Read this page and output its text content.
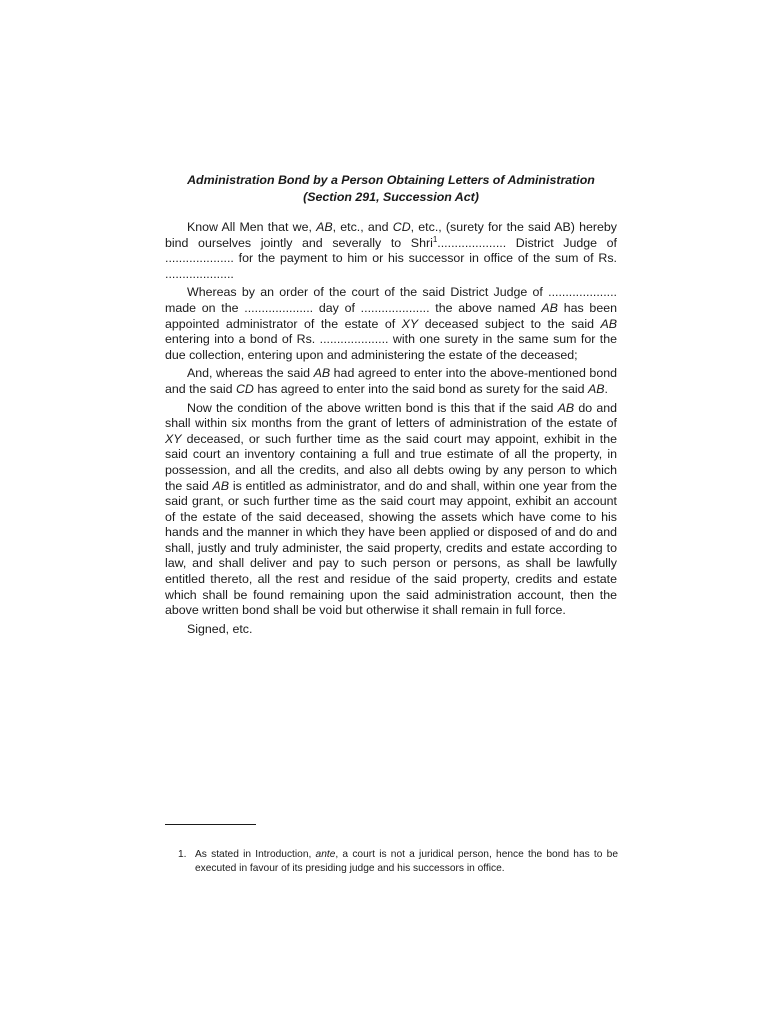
Administration Bond by a Person Obtaining Letters of Administration
(Section 291, Succession Act)

Know All Men that we, AB, etc., and CD, etc., (surety for the said AB) hereby bind ourselves jointly and severally to Shri$^1$.................... District Judge of .................... for the payment to him or his successor in office of the sum of Rs. ....................

Whereas by an order of the court of the said District Judge of .................... made on the .................... day of .................... the above named AB has been appointed administrator of the estate of XY deceased subject to the said AB entering into a bond of Rs. .................... with one surety in the same sum for the due collection, entering upon and administering the estate of the deceased;

And, whereas the said AB had agreed to enter into the above-mentioned bond and the said CD has agreed to enter into the said bond as surety for the said AB.

Now the condition of the above written bond is this that if the said AB do and shall within six months from the grant of letters of administration of the estate of XY deceased, or such further time as the said court may appoint, exhibit in the said court an inventory containing a full and true estimate of all the property, in possession, and all the credits, and also all debts owing by any person to which the said AB is entitled as administrator, and do and shall, within one year from the said grant, or such further time as the said court may appoint, exhibit an account of the estate of the said deceased, showing the assets which have come to his hands and the manner in which they have been applied or disposed of and do and shall, justly and truly administer, the said property, credits and estate according to law, and shall deliver and pay to such person or persons, as shall be lawfully entitled thereto, all the rest and residue of the said property, credits and estate which shall be found remaining upon the said administration account, then the above written bond shall be void but otherwise it shall remain in full force.

Signed, etc.

1. As stated in Introduction, ante, a court is not a juridical person, hence the bond has to be executed in favour of its presiding judge and his successors in office.
